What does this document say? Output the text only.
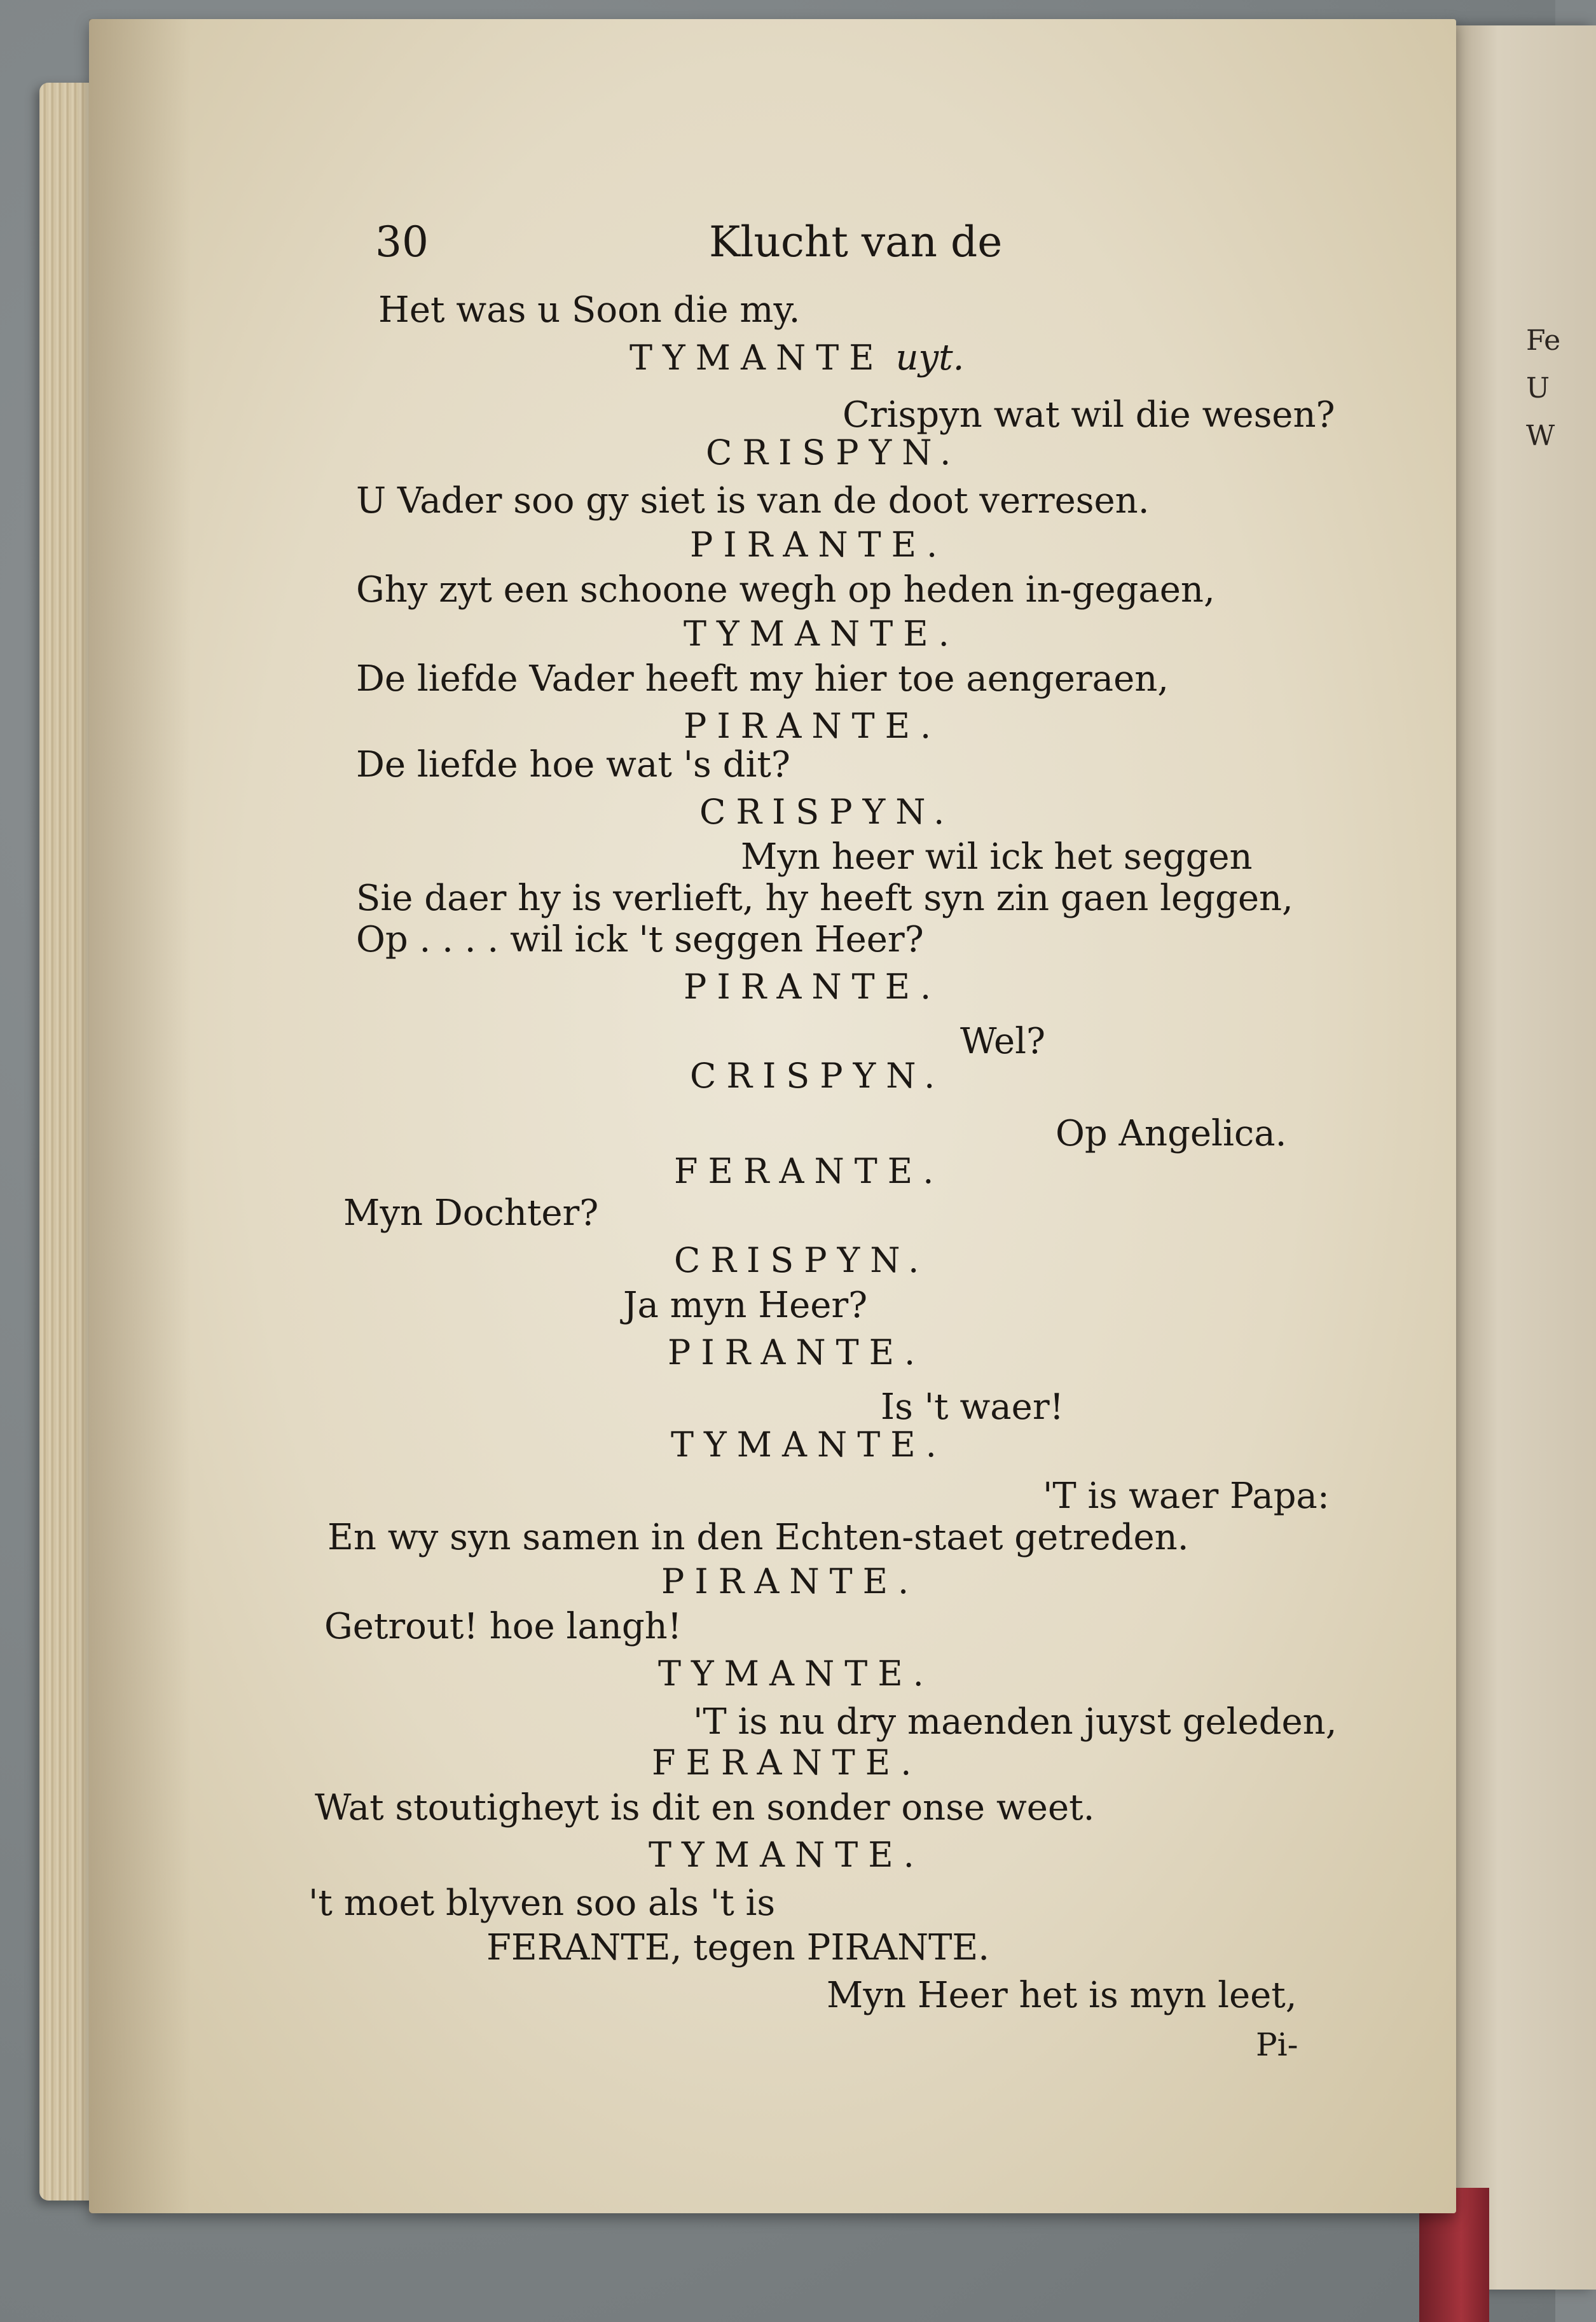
Fe
U
W
30	Klucht van de
Het was u Soon die my.
TYMANTE uyt.
Crispyn wat wil die wesen?
CRISPYN.
U Vader soo gy siet is van de doot verresen.
PIRANTE.
Ghy zyt een schoone wegh op heden in-gegaen,
TYMANTE.
De liefde Vader heeft my hier toe aengeraen,
PIRANTE.
De liefde hoe wat 's dit?
CRISPYN.
Myn heer wil ick het seggen
Sie daer hy is verlieft, hy heeft syn zin gaen leggen,
Op . . . . wil ick 't seggen Heer?
PIRANTE.
Wel?
CRISPYN.
Op Angelica.
FERANTE.
Myn Dochter?
CRISPYN.
Ja myn Heer?
PIRANTE.
Is 't waer!
TYMANTE.
'T is waer Papa:
En wy syn samen in den Echten-staet getreden.
PIRANTE.
Getrout! hoe langh!
TYMANTE.
'T is nu dry maenden juyst geleden,
FERANTE.
Wat stoutigheyt is dit en sonder onse weet.
TYMANTE.
't moet blyven soo als 't is
FERANTE, tegen PIRANTE.
Myn Heer het is myn leet,
Pi-
